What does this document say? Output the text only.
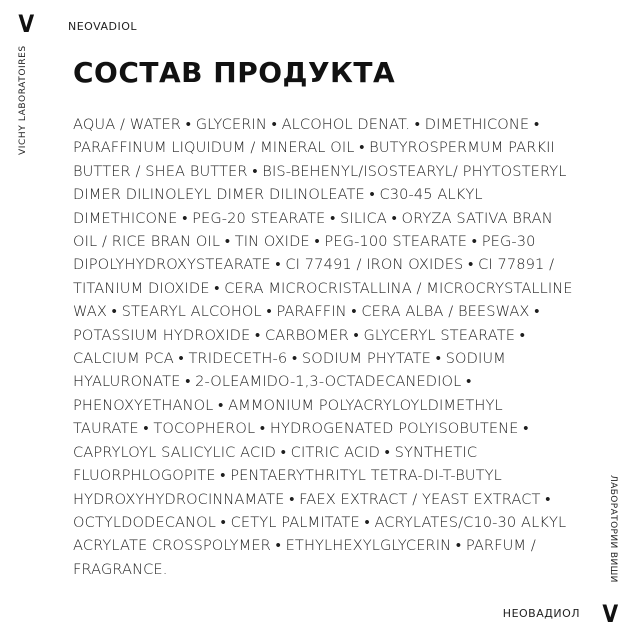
V	NEOVADIOL
VICHY LABORATOIRES СОСТАВ ПРОДУКТА

AQUA / WATER • GLYCERIN • ALCOHOL DENAT. • DIMETHICONE • PARAFFINUM LIQUIDUM / MINERAL OIL • BUTYROSPERMUM PARKII BUTTER / SHEA BUTTER • BIS-BEHENYL/ISOSTEARYL/ PHYTOSTERYL DIMER DILINOLEYL DIMER DILINOLEATE • C30-45 ALKYL DIMETHICONE • PEG-20 STEARATE • SILICA • ORYZA SATIVA BRAN OIL / RICE BRAN OIL • TIN OXIDE • PEG-100 STEARATE • PEG-30 DIPOLYHYDROXYSTEARATE • CI 77491 / IRON OXIDES • CI 77891 / TITANIUM DIOXIDE • CERA MICROCRISTALLINA / MICROCRYSTALLINE WAX • STEARYL ALCOHOL • PARAFFIN • CERA ALBA / BEESWAX • POTASSIUM HYDROXIDE • CARBOMER • GLYCERYL STEARATE • CALCIUM PCA • TRIDECETH-6 • SODIUM PHYTATE • SODIUM HYALURONATE • 2-OLEAMIDO-1,3-OCTADECANEDIOL • PHENOXYETHANOL • AMMONIUM POLYACRYLOYLDIMETHYL TAURATE • TOCOPHEROL • HYDROGENATED POLYISOBUTENE • CAPRYLOYL SALICYLIC ACID • CITRIC ACID • SYNTHETIC FLUORPHLOGOPITE • PENTAERYTHRITYL TETRA-DI-T-BUTYL HYDROXYHYDROCINNAMATE • FAEX EXTRACT / YEAST EXTRACT • OCTYLDODECANOL • CETYL PALMITATE • ACRYLATES/C10-30 ALKYL ACRYLATE CROSSPOLYMER • ETHYLHEXYLGLYCERIN • PARFUM / FRAGRANCE.	ЛАБОРАТОРИИ ВИШИ
НЕОВАДИОЛ V
